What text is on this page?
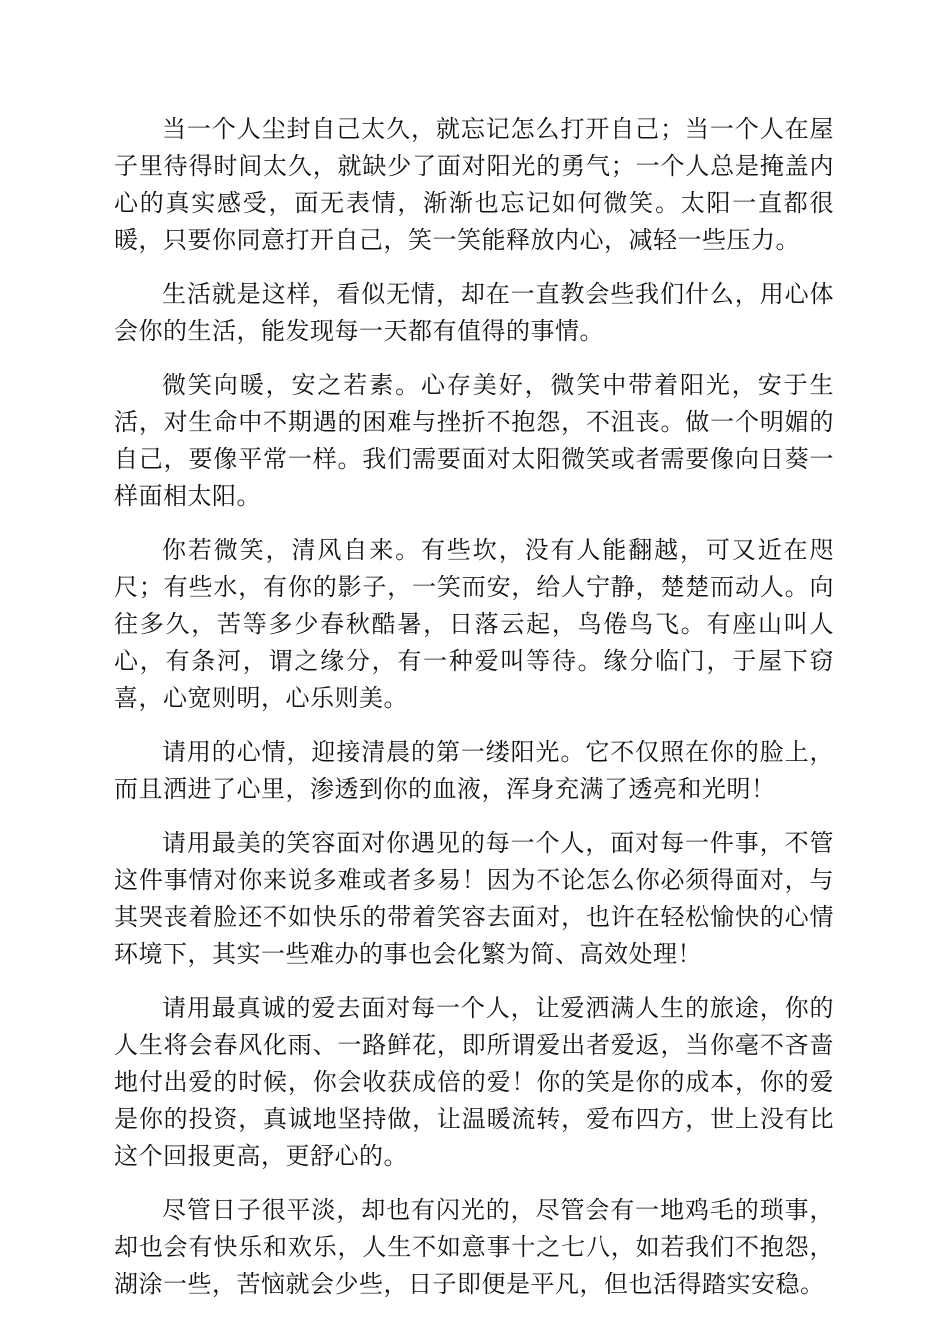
当一个人尘封自己太久，就忘记怎么打开自己；当一个人在屋子里待得时间太久，就缺少了面对阳光的勇气；一个人总是掩盖内心的真实感受，面无表情，渐渐也忘记如何微笑。太阳一直都很暖，只要你同意打开自己，笑一笑能释放内心，减轻一些压力。

生活就是这样，看似无情，却在一直教会些我们什么，用心体会你的生活，能发现每一天都有值得的事情。

微笑向暖，安之若素。心存美好，微笑中带着阳光，安于生活，对生命中不期遇的困难与挫折不抱怨，不沮丧。做一个明媚的自己，要像平常一样。我们需要面对太阳微笑或者需要像向日葵一样面相太阳。

你若微笑，清风自来。有些坎，没有人能翻越，可又近在咫尺；有些水，有你的影子，一笑而安，给人宁静，楚楚而动人。向往多久，苦等多少春秋酷暑，日落云起，鸟倦鸟飞。有座山叫人心，有条河，谓之缘分，有一种爱叫等待。缘分临门，于屋下窃喜，心宽则明，心乐则美。

请用的心情，迎接清晨的第一缕阳光。它不仅照在你的脸上，而且洒进了心里，渗透到你的血液，浑身充满了透亮和光明！

请用最美的笑容面对你遇见的每一个人，面对每一件事，不管这件事情对你来说多难或者多易！因为不论怎么你必须得面对，与其哭丧着脸还不如快乐的带着笑容去面对，也许在轻松愉快的心情环境下，其实一些难办的事也会化繁为简、高效处理！

请用最真诚的爱去面对每一个人，让爱洒满人生的旅途，你的人生将会春风化雨、一路鲜花，即所谓爱出者爱返，当你毫不吝啬地付出爱的时候，你会收获成倍的爱！你的笑是你的成本，你的爱是你的投资，真诚地坚持做，让温暖流转，爱布四方，世上没有比这个回报更高，更舒心的。

尽管日子很平淡，却也有闪光的，尽管会有一地鸡毛的琐事，却也会有快乐和欢乐，人生不如意事十之七八，如若我们不抱怨，湖涂一些，苦恼就会少些，日子即便是平凡，但也活得踏实安稳。
